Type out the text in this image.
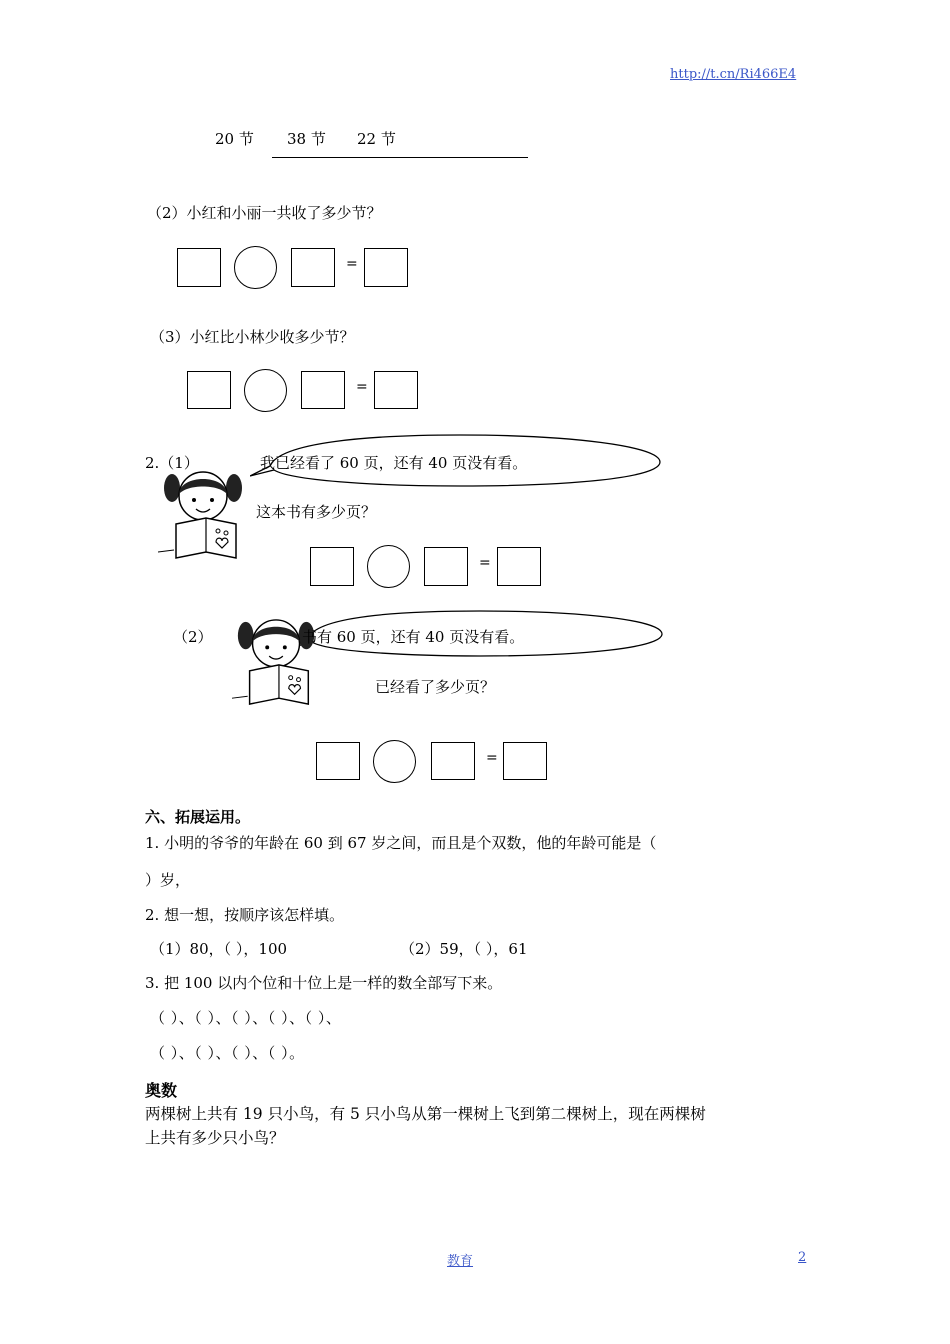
http://t.cn/Ri466E4
20 节 38 节 22 节
（2）小红和小丽一共收了多少节？
=
（3）小红比小林少收多少节？
=
2.（1）	我已经看了 60 页，还有 40 页没有看。
这本书有多少页？
=
（2）	书有 60 页，还有 40 页没有看。
已经看了多少页？
=
六、拓展运用。
1. 小明的爷爷的年龄在 60 到 67 岁之间，而且是个双数，他的年龄可能是（
）岁，
2. 想一想，按顺序该怎样填。
（1）80，（ ），100	（2）59，（ ），61
3. 把 100 以内个位和十位上是一样的数全部写下来。
（ ）、（ ）、（ ）、（ ）、（ ）、
（ ）、（ ）、（ ）、（ ）。
奥数
两棵树上共有 19 只小鸟，有 5 只小鸟从第一棵树上飞到第二棵树上，现在两棵树
上共有多少只小鸟？
教育	2
